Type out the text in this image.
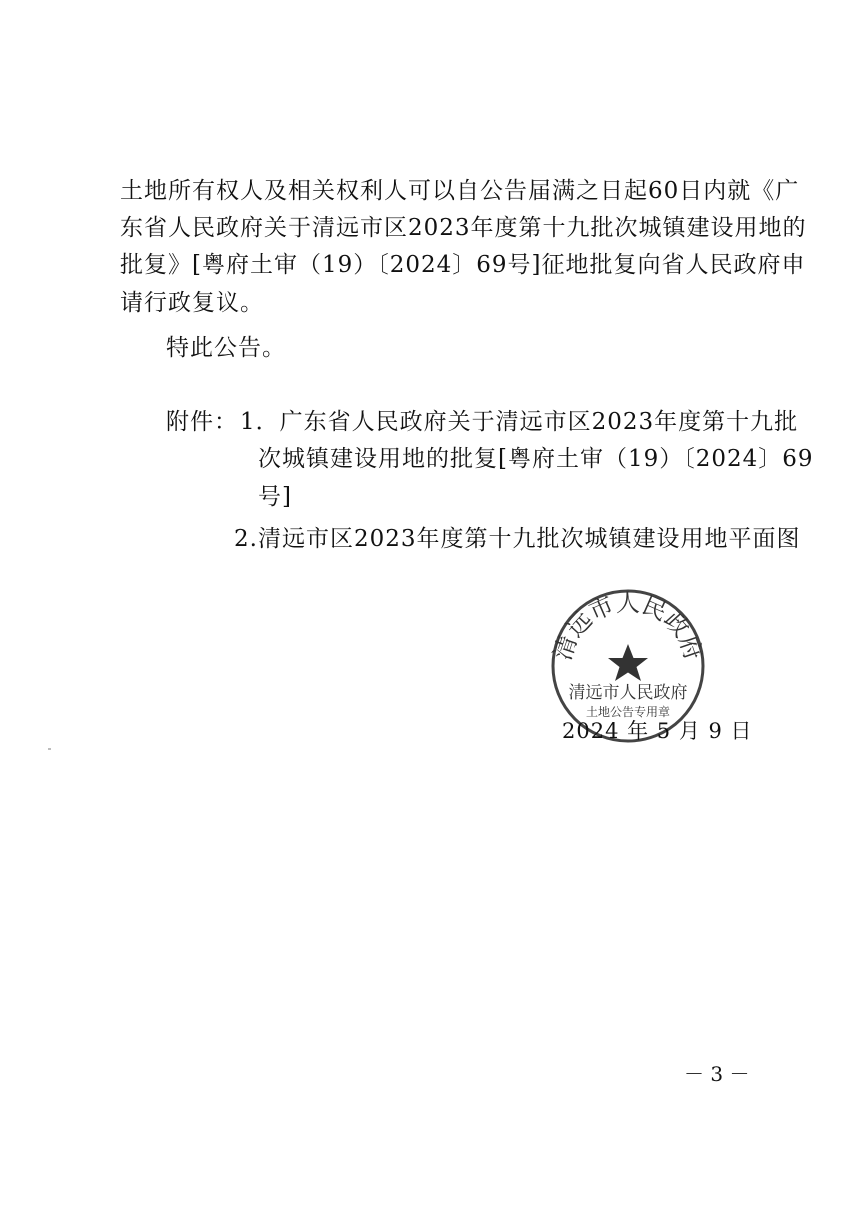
土地所有权人及相关权利人可以自公告届满之日起60日内就《广
东省人民政府关于清远市区2023年度第十九批次城镇建设用地的
批复》[粤府土审（19）〔2024〕69号]征地批复向省人民政府申
请行政复议。
特此公告。
附件： 1．广东省人民政府关于清远市区2023年度第十九批
次城镇建设用地的批复[粤府土审（19）〔2024〕69
号]
2.清远市区2023年度第十九批次城镇建设用地平面图
清远市人民政府
清远市人民政府
土地公告专用章
2024 年 5 月 9 日
－ 3 －
